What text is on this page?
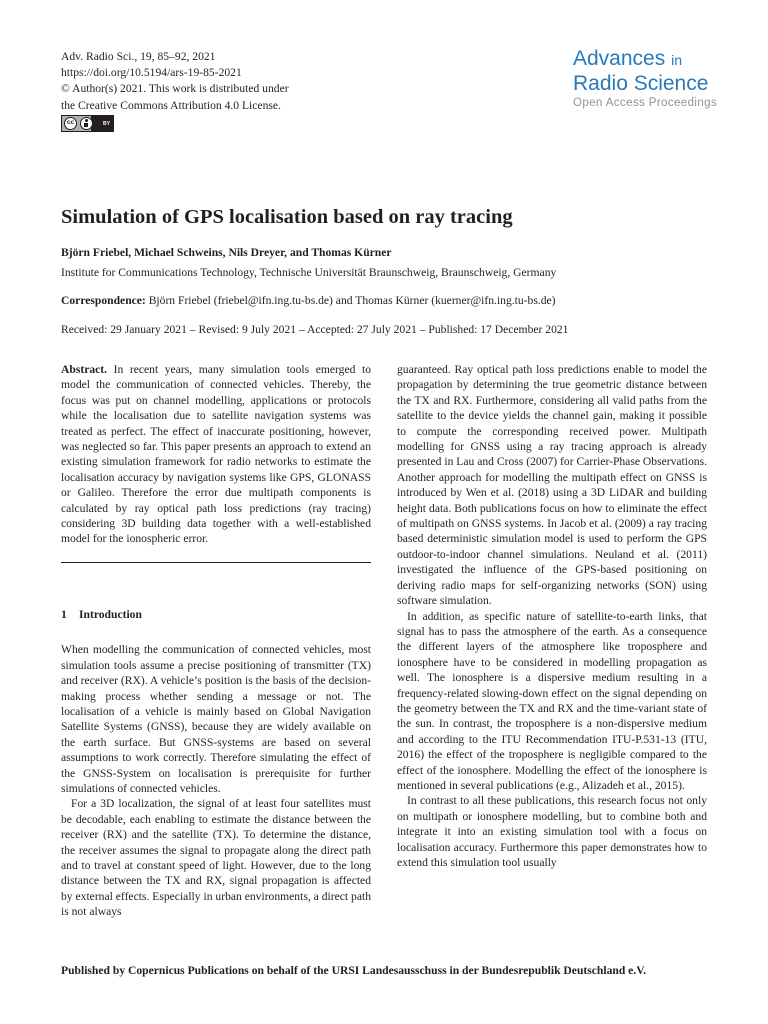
Adv. Radio Sci., 19, 85–92, 2021
https://doi.org/10.5194/ars-19-85-2021
© Author(s) 2021. This work is distributed under
the Creative Commons Attribution 4.0 License.
cc	BY
Advances in
Radio Science
Open Access Proceedings
Simulation of GPS localisation based on ray tracing
Björn Friebel, Michael Schweins, Nils Dreyer, and Thomas Kürner
Institute for Communications Technology, Technische Universität Braunschweig, Braunschweig, Germany
Correspondence: Björn Friebel (friebel@ifn.ing.tu-bs.de) and Thomas Kürner (kuerner@ifn.ing.tu-bs.de)
Received: 29 January 2021 – Revised: 9 July 2021 – Accepted: 27 July 2021 – Published: 17 December 2021

Abstract. In recent years, many simulation tools emerged to model the communication of connected vehicles. Thereby, the focus was put on channel modelling, applications or protocols while the localisation due to satellite navigation systems was treated as perfect. The effect of inaccurate positioning, however, was neglected so far. This paper presents an approach to extend an existing simulation framework for radio networks to estimate the localisation accuracy by navigation systems like GPS, GLONASS or Galileo. Therefore the error due multipath components is calculated by ray optical path loss predictions (ray tracing) considering 3D building data together with a well-established model for the ionospheric error.

1 Introduction

When modelling the communication of connected vehicles, most simulation tools assume a precise positioning of transmitter (TX) and receiver (RX). A vehicle’s position is the basis of the decision-making process whether sending a message or not. The localisation of a vehicle is mainly based on Global Navigation Satellite Systems (GNSS), because they are widely available on the earth surface. But GNSS-systems are based on several assumptions to work correctly. Therefore simulating the effect of the GNSS-System on localisation is prerequisite for further simulations of connected vehicles.

For a 3D localization, the signal of at least four satellites must be decodable, each enabling to estimate the distance between the receiver (RX) and the satellite (TX). To determine the distance, the receiver assumes the signal to propagate along the direct path and to travel at constant speed of light. However, due to the long distance between the TX and RX, signal propagation is affected by external effects. Especially in urban environments, a direct path is not always

guaranteed. Ray optical path loss predictions enable to model the propagation by determining the true geometric distance between the TX and RX. Furthermore, considering all valid paths from the satellite to the device yields the channel gain, making it possible to compute the corresponding received power. Multipath modelling for GNSS using a ray tracing approach is already presented in Lau and Cross (2007) for Carrier-Phase Observations. Another approach for modelling the multipath effect on GNSS is introduced by Wen et al. (2018) using a 3D LiDAR and building height data. Both publications focus on how to eliminate the effect of multipath on GNSS systems. In Jacob et al. (2009) a ray tracing based deterministic simulation model is used to perform the GPS outdoor-to-indoor channel simulations. Neuland et al. (2011) investigated the influence of the GPS-based positioning on deriving radio maps for self-organizing networks (SON) using software simulation.

In addition, as specific nature of satellite-to-earth links, that signal has to pass the atmosphere of the earth. As a consequence the different layers of the atmosphere like troposphere and ionosphere have to be considered in modelling propagation as well. The ionosphere is a dispersive medium resulting in a frequency-related slowing-down effect on the signal depending on the geometry between the TX and RX and the time-variant state of the sun. In contrast, the troposphere is a non-dispersive medium and according to the ITU Recommendation ITU-P.531-13 (ITU, 2016) the effect of the troposphere is negligible compared to the effect of the ionosphere. Modelling the effect of the ionosphere is mentioned in several publications (e.g., Alizadeh et al., 2015).

In contrast to all these publications, this research focus not only on multipath or ionosphere modelling, but to combine both and integrate it into an existing simulation tool with a focus on localisation accuracy. Furthermore this paper demonstrates how to extend this simulation tool usually

Published by Copernicus Publications on behalf of the URSI Landesausschuss in der Bundesrepublik Deutschland e.V.
